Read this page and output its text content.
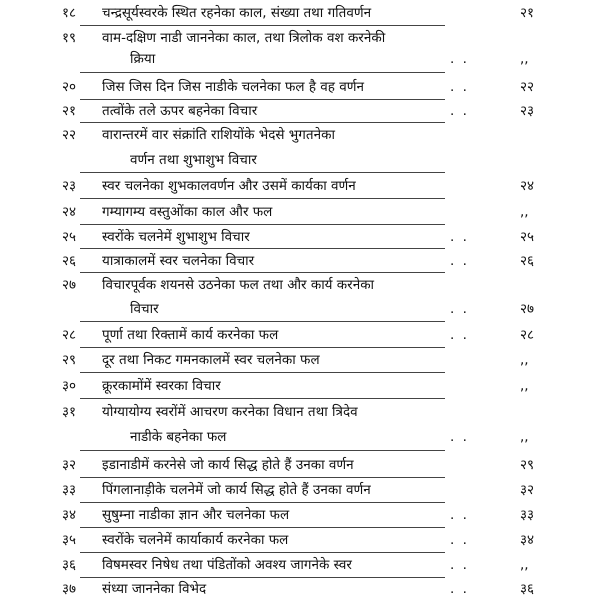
१८	चन्द्रसूर्यस्वरके स्थित रहनेका काल, संख्या तथा गतिवर्णन	२१
१९	वाम-दक्षिण नाडी जाननेका काल, तथा त्रिलोक वश करनेकी
क्रिया	. .	,,
२०	जिस जिस दिन जिस नाडीके चलनेका फल है वह वर्णन	. .	२२
२१	तत्वोंके तले ऊपर बहनेका विचार	. .	२३
२२	वारान्तरमें वार संक्रांति राशियोंके भेदसे भुगतनेका
वर्णन तथा शुभाशुभ विचार
२३	स्वर चलनेका शुभकालवर्णन और उसमें कार्यका वर्णन	२४
२४	गम्यागम्य वस्तुओंका काल और फल	,,
२५	स्वरोंके चलनेमें शुभाशुभ विचार	. .	२५
२६	यात्राकालमें स्वर चलनेका विचार	. .	२६
२७	विचारपूर्वक शयनसे उठनेका फल तथा और कार्य करनेका
विचार	. .	२७
२८	पूर्णा तथा रिक्तामें कार्य करनेका फल	. .	२८
२९	दूर तथा निकट गमनकालमें स्वर चलनेका फल	,,
३०	क्रूरकामोंमें स्वरका विचार	,,
३१	योग्यायोग्य स्वरोंमें आचरण करनेका विधान तथा त्रिदेव
नाडीके बहनेका फल	. .	,,
३२	इडानाडीमें करनेसे जो कार्य सिद्ध होते हैं उनका वर्णन	२९
३३	पिंगलानाड़ीके चलनेमें जो कार्य सिद्ध होते हैं उनका वर्णन	३२
३४	सुषुम्ना नाडीका ज्ञान और चलनेका फल	. .	३३
३५	स्वरोंके चलनेमें कार्याकार्य करनेका फल	. .	३४
३६	विषमस्वर निषेध तथा पंडितोंको अवश्य जागनेके स्वर	. .	,,
३७	संध्या जाननेका विभेद	. .	३६
